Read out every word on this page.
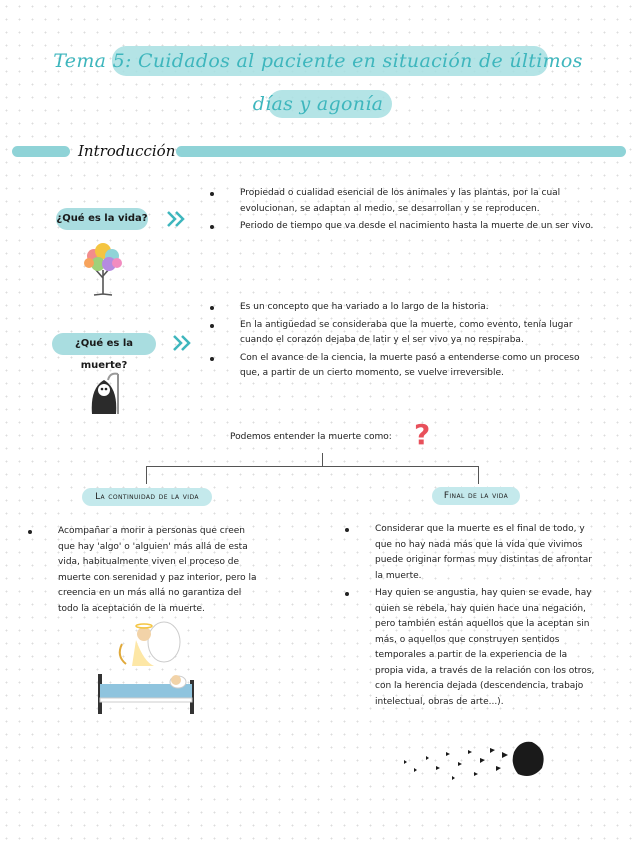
Tema 5: Cuidados al paciente en situación de últimos
días y agonía
Introducción
¿Qué es la vida?
Propiedad o cualidad esencial de los animales y las plantas, por la cual evolucionan, se adaptan al medio, se desarrollan y se reproducen.
Periodo de tiempo que va desde el nacimiento hasta la muerte de un ser vivo.
¿Qué es la muerte?
Es un concepto que ha variado a lo largo de la historia.
En la antigüedad se consideraba que la muerte, como evento, tenía lugar cuando el corazón dejaba de latir y el ser vivo ya no respiraba.
Con el avance de la ciencia, la muerte pasó a entenderse como un proceso que, a partir de un cierto momento, se vuelve irreversible.
Podemos entender la muerte como: ?
La continuidad de la vida	Final de la vida
Acompañar a morir a personas que creen que hay 'algo' o 'alguien' más allá de esta vida, habitualmente viven el proceso de muerte con serenidad y paz interior, pero la creencia en un más allá no garantiza del todo la aceptación de la muerte.
Considerar que la muerte es el final de todo, y que no hay nada más que la vida que vivimos puede originar formas muy distintas de afrontar la muerte.
Hay quien se angustia, hay quien se evade, hay quien se rebela, hay quien hace una negación, pero también están aquellos que la aceptan sin más, o aquellos que construyen sentidos temporales a partir de la experiencia de la propia vida, a través de la relación con los otros, con la herencia dejada (descendencia, trabajo intelectual, obras de arte...).
